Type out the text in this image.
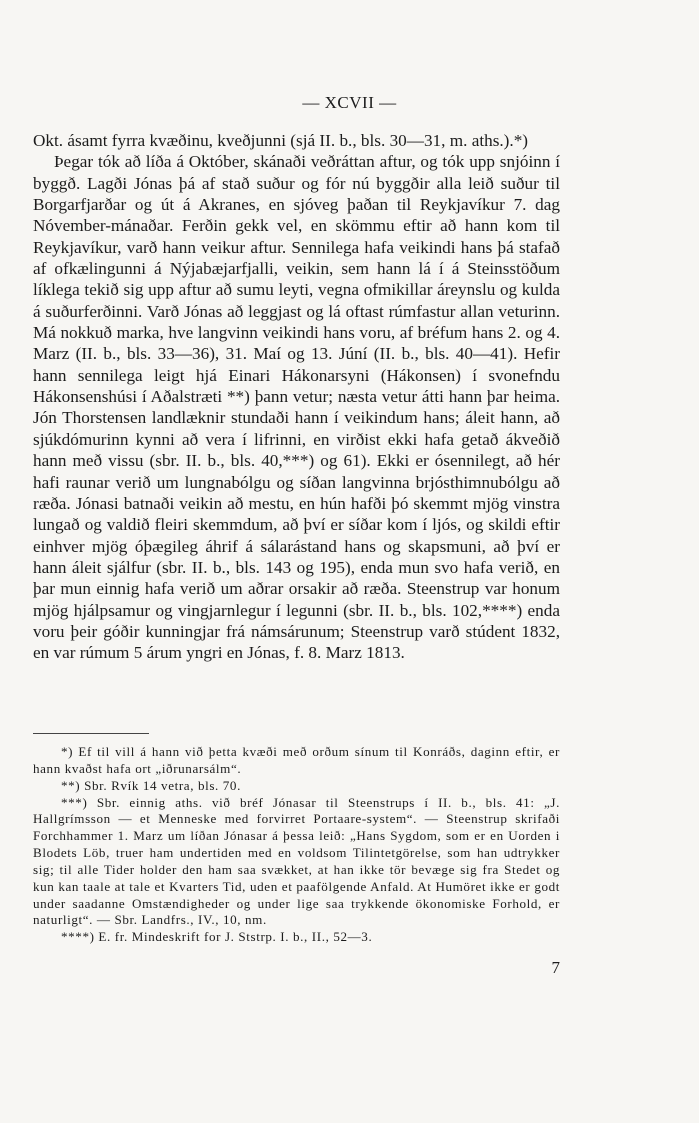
— XCVII —

Okt. ásamt fyrra kvæðinu, kveðjunni (sjá II. b., bls. 30—31, m. aths.).*)

Þegar tók að líða á Október, skánaði veðráttan aftur, og tók upp snjóinn í byggð. Lagði Jónas þá af stað suður og fór nú byggðir alla leið suður til Borgarfjarðar og út á Akranes, en sjóveg þaðan til Reykjavíkur 7. dag Nóvember-mánaðar. Ferðin gekk vel, en skömmu eftir að hann kom til Reykjavíkur, varð hann veikur aftur. Sennilega hafa veikindi hans þá stafað af ofkælingunni á Nýjabæjarfjalli, veikin, sem hann lá í á Steinsstöðum líklega tekið sig upp aftur að sumu leyti, vegna ofmikillar áreynslu og kulda á suðurferðinni. Varð Jónas að leggjast og lá oftast rúmfastur allan veturinn. Má nokkuð marka, hve langvinn veikindi hans voru, af bréfum hans 2. og 4. Marz (II. b., bls. 33—36), 31. Maí og 13. Júní (II. b., bls. 40—41). Hefir hann sennilega leigt hjá Einari Hákonarsyni (Hákonsen) í svonefndu Hákonsenshúsi í Aðalstræti **) þann vetur; næsta vetur átti hann þar heima. Jón Thorstensen landlæknir stundaði hann í veikindum hans; áleit hann, að sjúkdómurinn kynni að vera í lifrinni, en virðist ekki hafa getað ákveðið hann með vissu (sbr. II. b., bls. 40,***) og 61). Ekki er ósennilegt, að hér hafi raunar verið um lungnabólgu og síðan langvinna brjósthimnubólgu að ræða. Jónasi batnaði veikin að mestu, en hún hafði þó skemmt mjög vinstra lungað og valdið fleiri skemmdum, að því er síðar kom í ljós, og skildi eftir einhver mjög óþægileg áhrif á sálarástand hans og skapsmuni, að því er hann áleit sjálfur (sbr. II. b., bls. 143 og 195), enda mun svo hafa verið, en þar mun einnig hafa verið um aðrar orsakir að ræða. Steenstrup var honum mjög hjálpsamur og vingjarnlegur í legunni (sbr. II. b., bls. 102,****) enda voru þeir góðir kunningjar frá námsárunum; Steenstrup varð stúdent 1832, en var rúmum 5 árum yngri en Jónas, f. 8. Marz 1813.

*) Ef til vill á hann við þetta kvæði með orðum sínum til Konráðs, daginn eftir, er hann kvaðst hafa ort „iðrunarsálm“.

**) Sbr. Rvík 14 vetra, bls. 70.

***) Sbr. einnig aths. við bréf Jónasar til Steenstrups í II. b., bls. 41: „J. Hallgrímsson — et Menneske med forvirret Portaare-system“. — Steenstrup skrifaði Forchhammer 1. Marz um líðan Jónasar á þessa leið: „Hans Sygdom, som er en Uorden i Blodets Löb, truer ham undertiden med en voldsom Tilintetgörelse, som han udtrykker sig; til alle Tider holder den ham saa svækket, at han ikke tör bevæge sig fra Stedet og kun kan taale at tale et Kvarters Tid, uden et paafölgende Anfald. At Humöret ikke er godt under saadanne Omstændigheder og under lige saa trykkende ökonomiske Forhold, er naturligt“. — Sbr. Landfrs., IV., 10, nm.

****) E. fr. Mindeskrift for J. Ststrp. I. b., II., 52—3.

7
